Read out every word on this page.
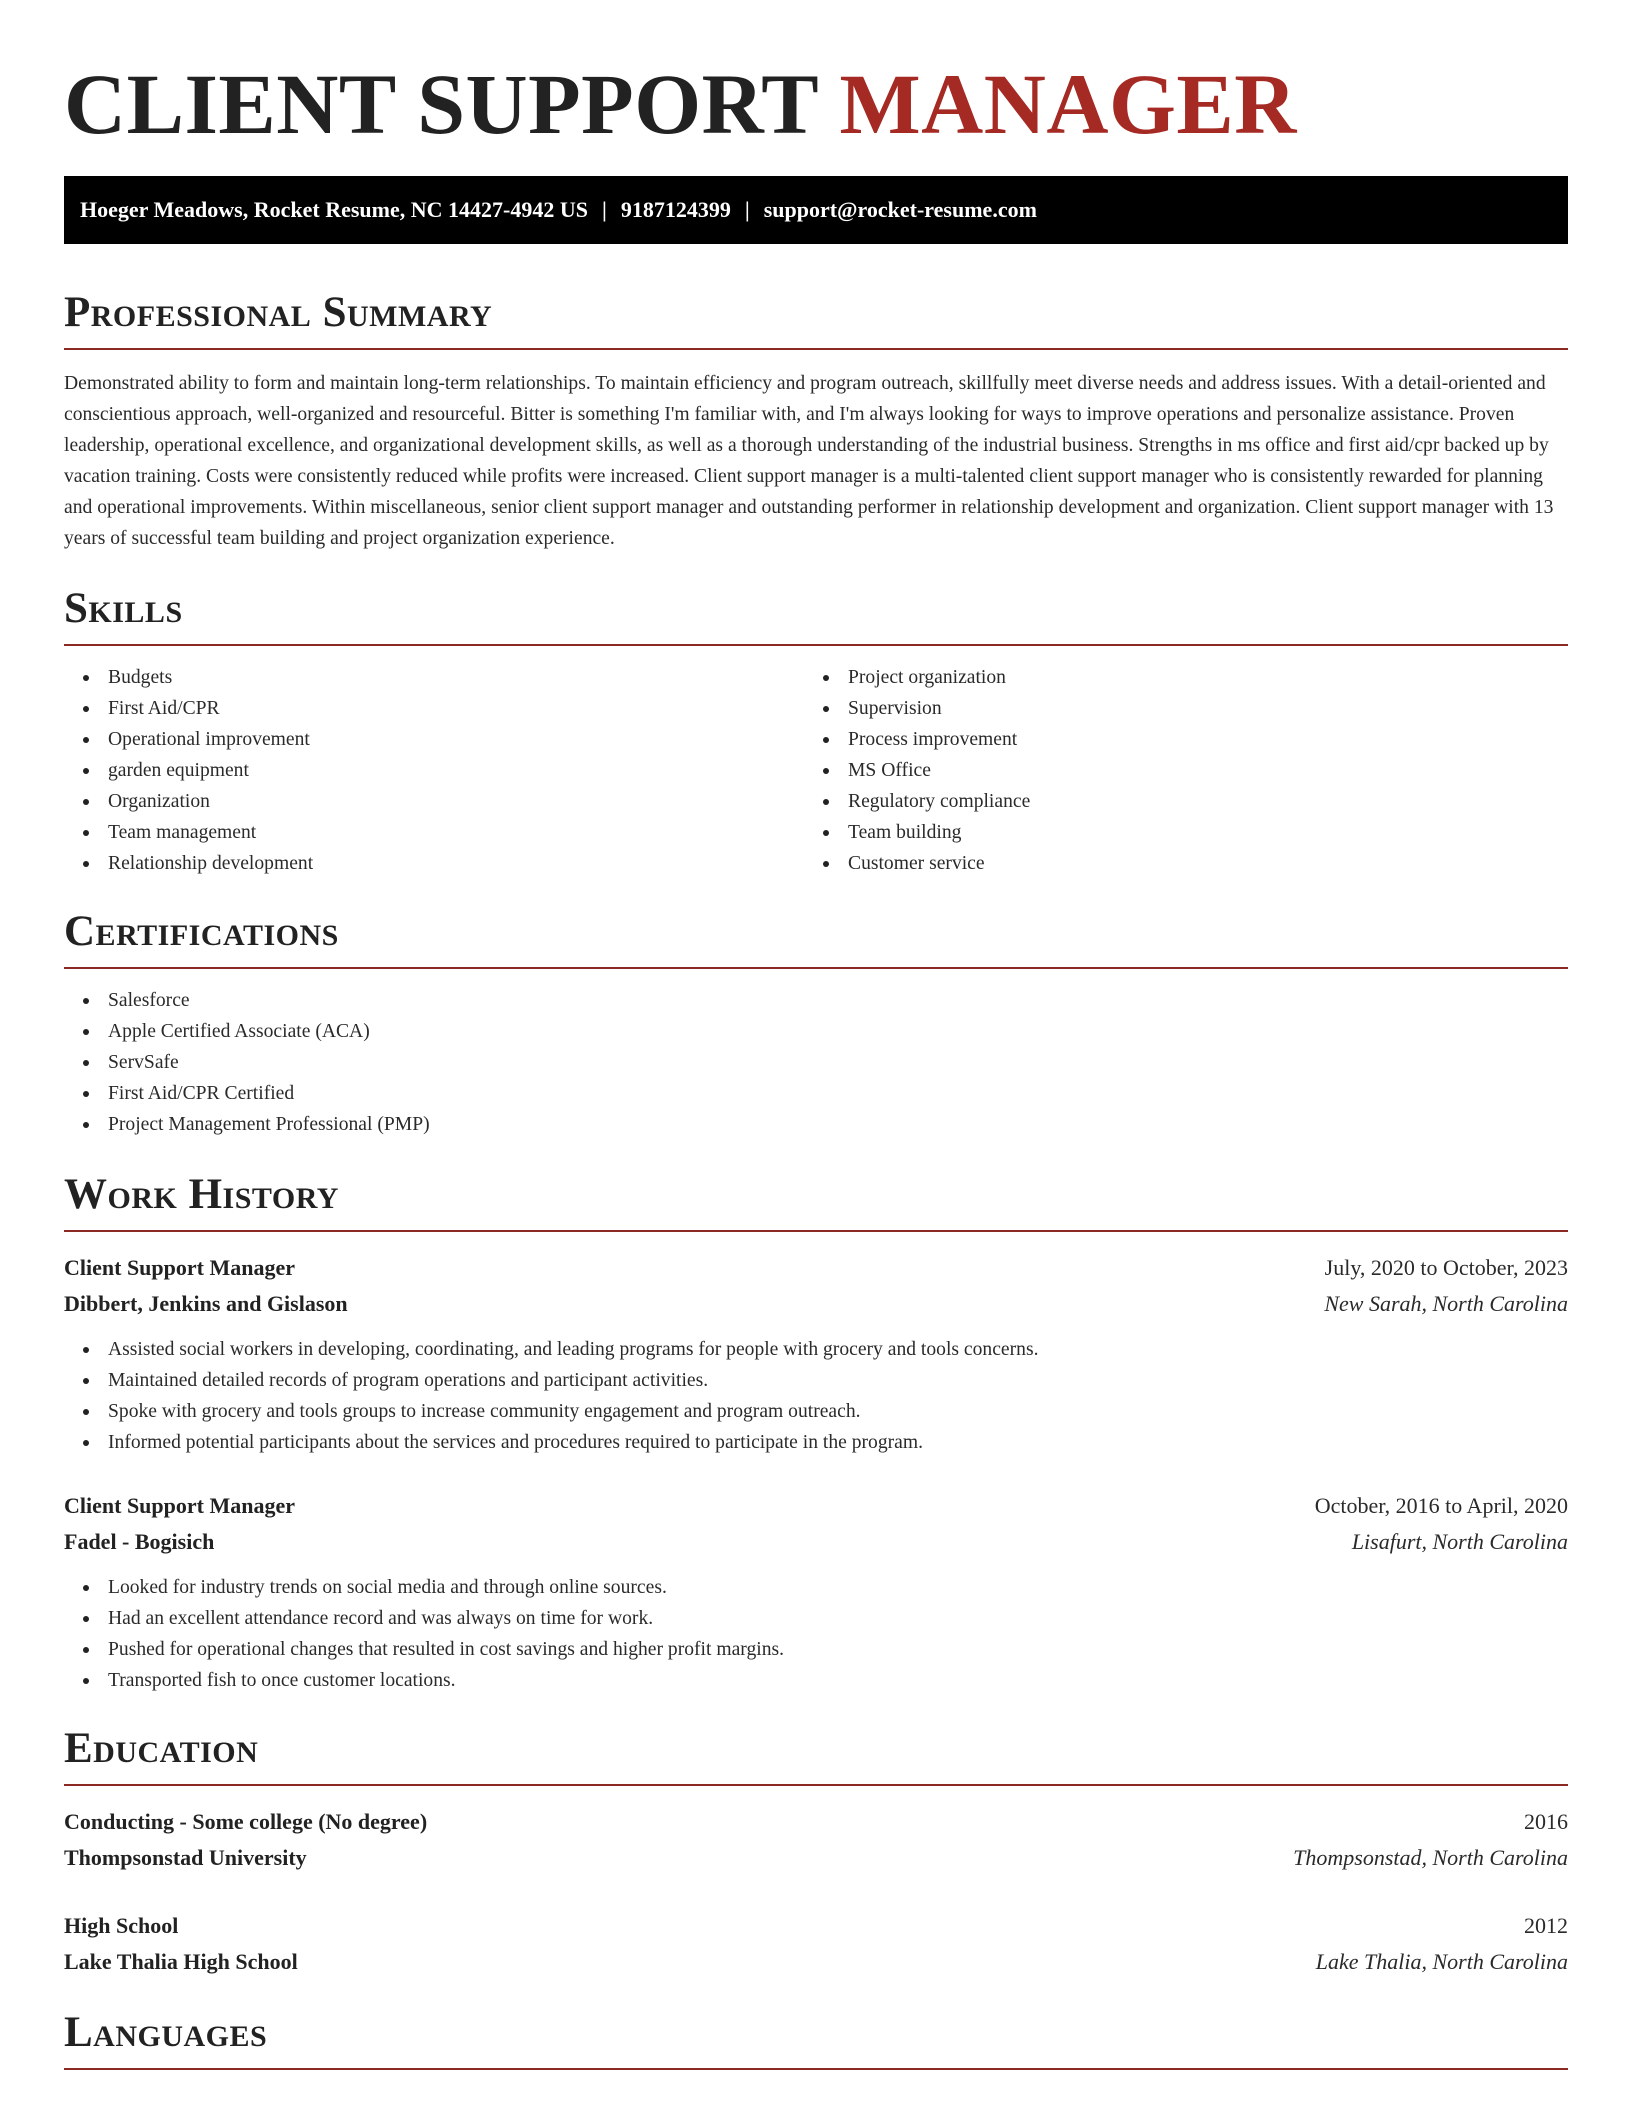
CLIENT SUPPORT MANAGER
Hoeger Meadows, Rocket Resume, NC 14427-4942 US | 9187124399 | support@rocket-resume.com
Professional Summary

Demonstrated ability to form and maintain long-term relationships. To maintain efficiency and program outreach, skillfully meet diverse needs and address issues. With a detail-oriented and conscientious approach, well-organized and resourceful. Bitter is something I'm familiar with, and I'm always looking for ways to improve operations and personalize assistance. Proven leadership, operational excellence, and organizational development skills, as well as a thorough understanding of the industrial business. Strengths in ms office and first aid/cpr backed up by vacation training. Costs were consistently reduced while profits were increased. Client support manager is a multi-talented client support manager who is consistently rewarded for planning and operational improvements. Within miscellaneous, senior client support manager and outstanding performer in relationship development and organization. Client support manager with 13 years of successful team building and project organization experience.

Skills
Budgets
First Aid/CPR
Operational improvement
garden equipment
Organization
Team management
Relationship development
Project organization
Supervision
Process improvement
MS Office
Regulatory compliance
Team building
Customer service
Certifications
Salesforce
Apple Certified Associate (ACA)
ServSafe
First Aid/CPR Certified
Project Management Professional (PMP)
Work History
Client Support Manager	July, 2020 to October, 2023
Dibbert, Jenkins and Gislason	New Sarah, North Carolina
Assisted social workers in developing, coordinating, and leading programs for people with grocery and tools concerns.
Maintained detailed records of program operations and participant activities.
Spoke with grocery and tools groups to increase community engagement and program outreach.
Informed potential participants about the services and procedures required to participate in the program.
Client Support Manager	October, 2016 to April, 2020
Fadel - Bogisich	Lisafurt, North Carolina
Looked for industry trends on social media and through online sources.
Had an excellent attendance record and was always on time for work.
Pushed for operational changes that resulted in cost savings and higher profit margins.
Transported fish to once customer locations.
Education
Conducting - Some college (No degree)	2016
Thompsonstad University	Thompsonstad, North Carolina
High School	2012
Lake Thalia High School	Lake Thalia, North Carolina
Languages
